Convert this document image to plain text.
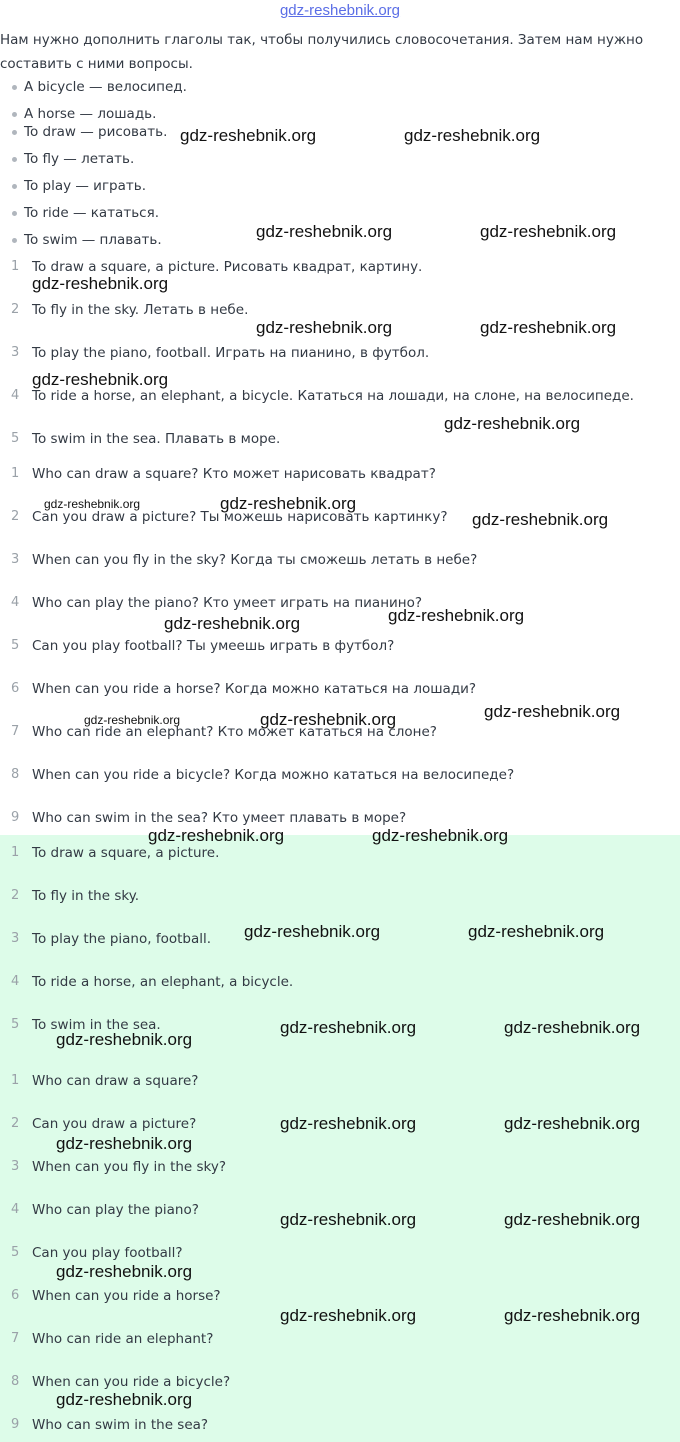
gdz-reshebnik.org
Нам нужно дополнить глаголы так, чтобы получились словосочетания. Затем нам нужно составить с ними вопросы.
A bicycle — велосипед.
A horse — лошадь.
To draw — рисовать.
To fly — летать.
To play — играть.
To ride — кататься.
To swim — плавать.
1 To draw a square, a picture. Рисовать квадрат, картину.
2 To fly in the sky. Летать в небе.
3 To play the piano, football. Играть на пианино, в футбол.
4 To ride a horse, an elephant, a bicycle. Кататься на лошади, на слоне, на велосипеде.
5 To swim in the sea. Плавать в море.
1 Who can draw a square? Кто может нарисовать квадрат?
2 Can you draw a picture? Ты можешь нарисовать картинку?
3 When can you fly in the sky? Когда ты сможешь летать в небе?
4 Who can play the piano? Кто умеет играть на пианино?
5 Can you play football? Ты умеешь играть в футбол?
6 When can you ride a horse? Когда можно кататься на лошади?
7 Who can ride an elephant? Кто может кататься на слоне?
8 When can you ride a bicycle? Когда можно кататься на велосипеде?
9 Who can swim in the sea? Кто умеет плавать в море?
1 To draw a square, a picture.
2 To fly in the sky.
3 To play the piano, football.
4 To ride a horse, an elephant, a bicycle.
5 To swim in the sea.
1 Who can draw a square?
2 Can you draw a picture?
3 When can you fly in the sky?
4 Who can play the piano?
5 Can you play football?
6 When can you ride a horse?
7 Who can ride an elephant?
8 When can you ride a bicycle?
9 Who can swim in the sea?
gdz-reshebnik.org	gdz-reshebnik.org
gdz-reshebnik.org	gdz-reshebnik.org
gdz-reshebnik.org
gdz-reshebnik.org	gdz-reshebnik.org
gdz-reshebnik.org
gdz-reshebnik.org
gdz-reshebnik.org	gdz-reshebnik.org
gdz-reshebnik.org
gdz-reshebnik.org
gdz-reshebnik.org
gdz-reshebnik.org
gdz-reshebnik.org	gdz-reshebnik.org
gdz-reshebnik.org	gdz-reshebnik.org
gdz-reshebnik.org	gdz-reshebnik.org
gdz-reshebnik.org	gdz-reshebnik.org
gdz-reshebnik.org
gdz-reshebnik.org	gdz-reshebnik.org
gdz-reshebnik.org
gdz-reshebnik.org	gdz-reshebnik.org
gdz-reshebnik.org
gdz-reshebnik.org	gdz-reshebnik.org
gdz-reshebnik.org
